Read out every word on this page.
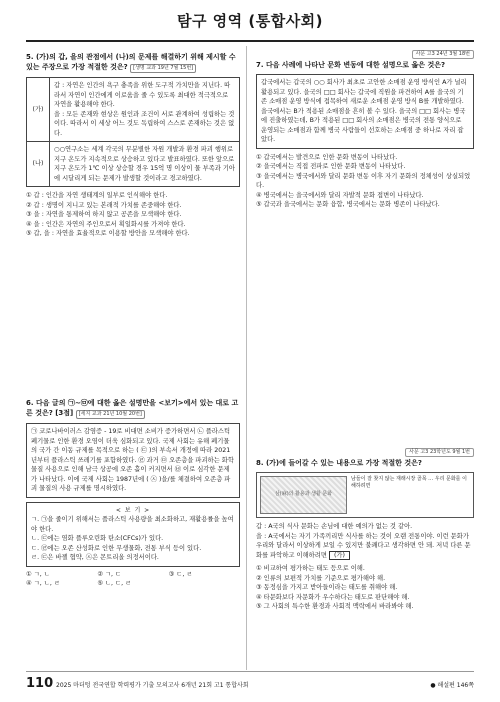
탐구 영역 (통합사회)
5. (가)의 갑, 을의 관점에서 (나)의 문제를 해결하기 위해 제시할 수 있는 주장으로 가장 적절한 것은? [생명 교과 19년 7월 15번]
(가)
갑 : 자연은 인간의 욕구 충족을 위한 도구적 가치만을 지닌다. 따라서 자연이 인간에게 이로움을 줄 수 있도록 최대한 적극적으로 자연을 활용해야 한다.
을 : 모든 존재와 현상은 원인과 조건이 서로 관계하여 성립하는 것이다. 따라서 이 세상 어느 것도 독립하여 스스로 존재하는 것은 없다.
(나)
○○연구소는 세계 각국의 무분별한 자원 개발과 환경 파괴 행위로 지구 온도가 지속적으로 상승하고 있다고 발표하였다. 또한 앞으로 지구 온도가 1℃ 이상 상승할 경우 15억 명 이상이 물 부족과 기아에 시달리게 되는 문제가 발생할 것이라고 경고하였다.
① 갑 : 인간을 자연 생태계의 일부로 인식해야 한다.
② 갑 : 생명이 지니고 있는 본래적 가치를 존중해야 한다.
③ 을 : 자연을 통제하여 하지 않고 공존을 모색해야 한다.
④ 을 : 인간은 자연의 주인으로서 획일화시를 가져야 한다.
⑤ 갑, 을 : 자연을 효율적으로 이용할 방안을 모색해야 한다.
6. 다음 글의 ㉠~㉤에 대한 옳은 설명만을 <보기>에서 있는 대로 고른 것은? [3점] [세지 교과 21년 10월 20번]

㉠ 코로나바이러스 감염증 - 19로 비대면 소비가 증가하면서 ㉡ 플라스틱 폐기물로 인한 환경 오염이 더욱 심화되고 있다. 국제 사회는 유해 폐기물의 국가 간 이동 규제를 목적으로 하는 ( ㉢ )의 부속서 개정에 따라 2021년부터 플라스틱 쓰레기를 포함하였다. ㉣ 과거 ㉤ 오존층을 파괴하는 화학 물질 사용으로 인해 남극 상공에 오존 홀이 커지면서 ㉥ 이로 심각한 문제가 나타났다. 이에 국제 사회는 1987년에 ( ㉦ )을/를 체결하여 오존층 파괴 물질의 사용 규제를 명시하였다.

< 보 기 >
ㄱ. ㉠을 줄이기 위해서는 플라스틱 사용량을 최소화하고, 재활용률을 높여야 한다.
ㄴ. ㉢에는 염화 플루오린화 탄소(CFCs)가 있다.
ㄷ. ㉣에는 오존 산성화로 인한 무생물화, 전통 부식 등이 있다.
ㄹ. ㉢은 바젤 협약, ㉦은 몬트리올 의정서이다.
① ㄱ, ㄴ	② ㄱ, ㄷ	③ ㄷ, ㄹ
④ ㄱ, ㄴ, ㄹ	⑤ ㄴ, ㄷ, ㄹ
사문 고3 24년 3월 18번
7. 다음 사례에 나타난 문화 변동에 대한 설명으로 옳은 것은?

갑국에서는 갑국의 ○○ 회사가 최초로 고안한 소매점 운영 방식인 A가 널리 활용되고 있다. 을국의 □□ 회사는 갑국에 직원을 파견하여 A를 을국의 기존 소매점 운영 방식에 접목하여 새로운 소매점 운영 방식 B를 개발하였다. 을국에서는 B가 적용된 소매점을 흔히 볼 수 있다. 을국의 □□ 회사는 병국에 진출하였는데, B가 적용된 □□ 회사의 소매점은 병국의 전통 양식으로 운영되는 소매점과 함께 병국 사람들이 선호하는 소매점 중 하나로 자리 잡았다.

① 갑국에서는 발견으로 인한 문화 변동이 나타났다.
② 을국에서는 직접 전파로 인한 문화 변동이 나타났다.
③ 을국에서는 병국에서와 달리 문화 변동 이후 자기 문화의 정체성이 상실되었다.
④ 병국에서는 을국에서와 달리 자발적 문화 접변이 나타났다.
⑤ 갑국과 을국에서는 문화 융합, 병국에서는 문화 병존이 나타났다.
사문 고3 23학년도 9월 1번
8. (가)에 들어갈 수 있는 내용으로 가장 적절한 것은?
삼(麻)의 활용과 생활 문화
남들이 잘 찾지 않는 재래시장 골목 … 우리 문화를 이해하려면
갑 : A국의 식사 문화는 손님에 대한 예의가 없는 것 같아.
을 : A국에서는 자기 가족끼리만 식사를 하는 것이 오랜 전통이야. 이런 문화가 우리와 달라서 이상하게 보일 수 있지만 불쾌다고 생각하면 안 돼. 저녁 다른 문화를 파악하고 이해하려면 (가)
① 비교하여 평가하는 태도 등으로 이해.
② 인류의 보편적 가치를 기준으로 평가해야 해.
③ 동정심을 가지고 받아들이라는 태도를 취해야 해.
④ 타문화보다 자문화가 우수하다는 태도로 판단해야 해.
⑤ 그 사회의 특수한 환경과 사회적 맥락에서 바라봐야 해.
110 2025 마더텅 전국연합 학력평가 기출 모의고사 6개년 21회 고1 통합사회	● 해설편 146쪽
